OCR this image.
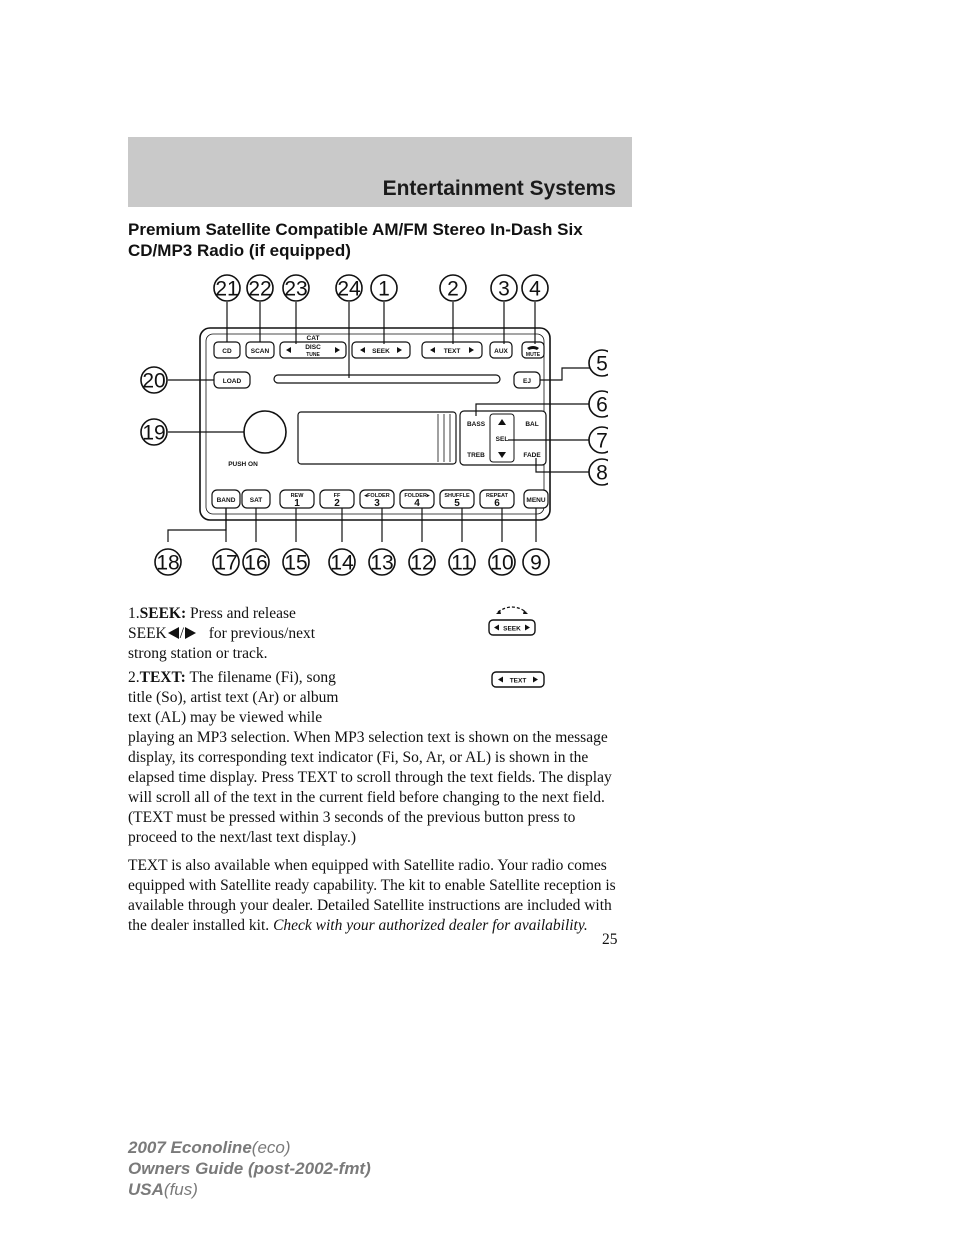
Entertainment Systems
Premium Satellite Compatible AM/FM Stereo In-Dash Six CD/MP3 Radio (if equipped)
CD	SCAN
CAT
DISC
TUNE	SEEK	TEXT	AUX	MUTE
LOAD	EJ
PUSH ON
BASS
TREB
SEL
BAL
FADE
BAND SAT
REW
1
FF
2
◂FOLDER
3
FOLDER▸
4
SHUFFLE
5
REPEAT
6	MENU
21 22 23 24 1	2 3 4
5
20
6
19	7
8
18 17 16 15 14 13 12 11 10 9
1.SEEK: Press and release
SEEK / for previous/next
strong station or track.
SEEK
2.TEXT: The filename (Fi), song
title (So), artist text (Ar) or album
text (AL) may be viewed while
TEXT

playing an MP3 selection. When MP3 selection text is shown on the message display, its corresponding text indicator (Fi, So, Ar, or AL) is shown in the elapsed time display. Press TEXT to scroll through the text fields. The display will scroll all of the text in the current field before changing to the next field. (TEXT must be pressed within 3 seconds of the previous button press to proceed to the next/last text display.)

TEXT is also available when equipped with Satellite radio. Your radio comes equipped with Satellite ready capability. The kit to enable Satellite reception is available through your dealer. Detailed Satellite instructions are included with the dealer installed kit. Check with your authorized dealer for availability.

25
2007 Econoline(eco)
Owners Guide (post-2002-fmt)
USA(fus)
